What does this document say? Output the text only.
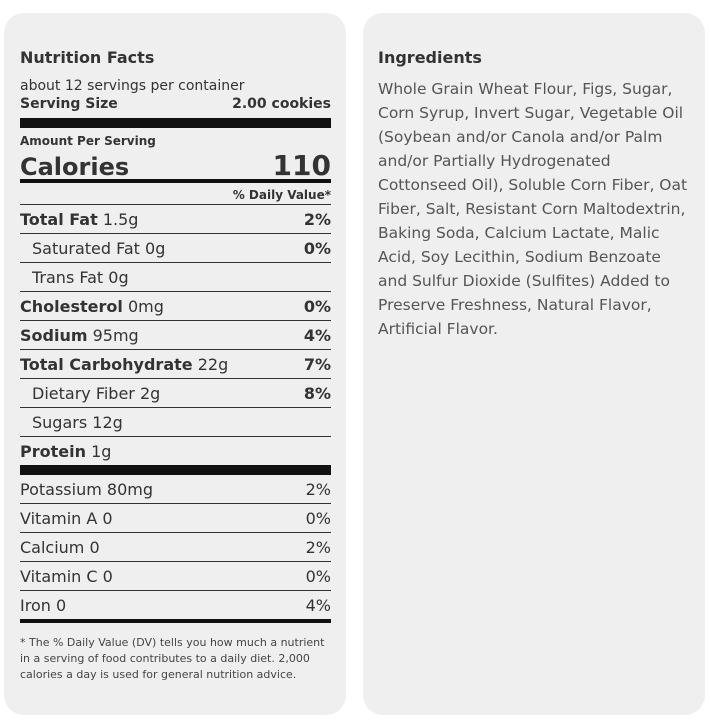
Nutrition Facts
about 12 servings per container
Serving Size	2.00 cookies
Amount Per Serving
Calories	110
% Daily Value*
Total Fat 1.5g	2%
Saturated Fat 0g	0%
Trans Fat 0g
Cholesterol 0mg	0%
Sodium 95mg	4%
Total Carbohydrate 22g	7%
Dietary Fiber 2g	8%
Sugars 12g
Protein 1g
Potassium 80mg	2%
Vitamin A 0	0%
Calcium 0	2%
Vitamin C 0	0%
Iron 0	4%
* The % Daily Value (DV) tells you how much a nutrient in a serving of food contributes to a daily diet. 2,000 calories a day is used for general nutrition advice.
Ingredients
Whole Grain Wheat Flour, Figs, Sugar, Corn Syrup, Invert Sugar, Vegetable Oil (Soybean and/or Canola and/or Palm and/or Partially Hydrogenated Cottonseed Oil), Soluble Corn Fiber, Oat Fiber, Salt, Resistant Corn Maltodextrin, Baking Soda, Calcium Lactate, Malic Acid, Soy Lecithin, Sodium Benzoate and Sulfur Dioxide (Sulfites) Added to Preserve Freshness, Natural Flavor, Artificial Flavor.
